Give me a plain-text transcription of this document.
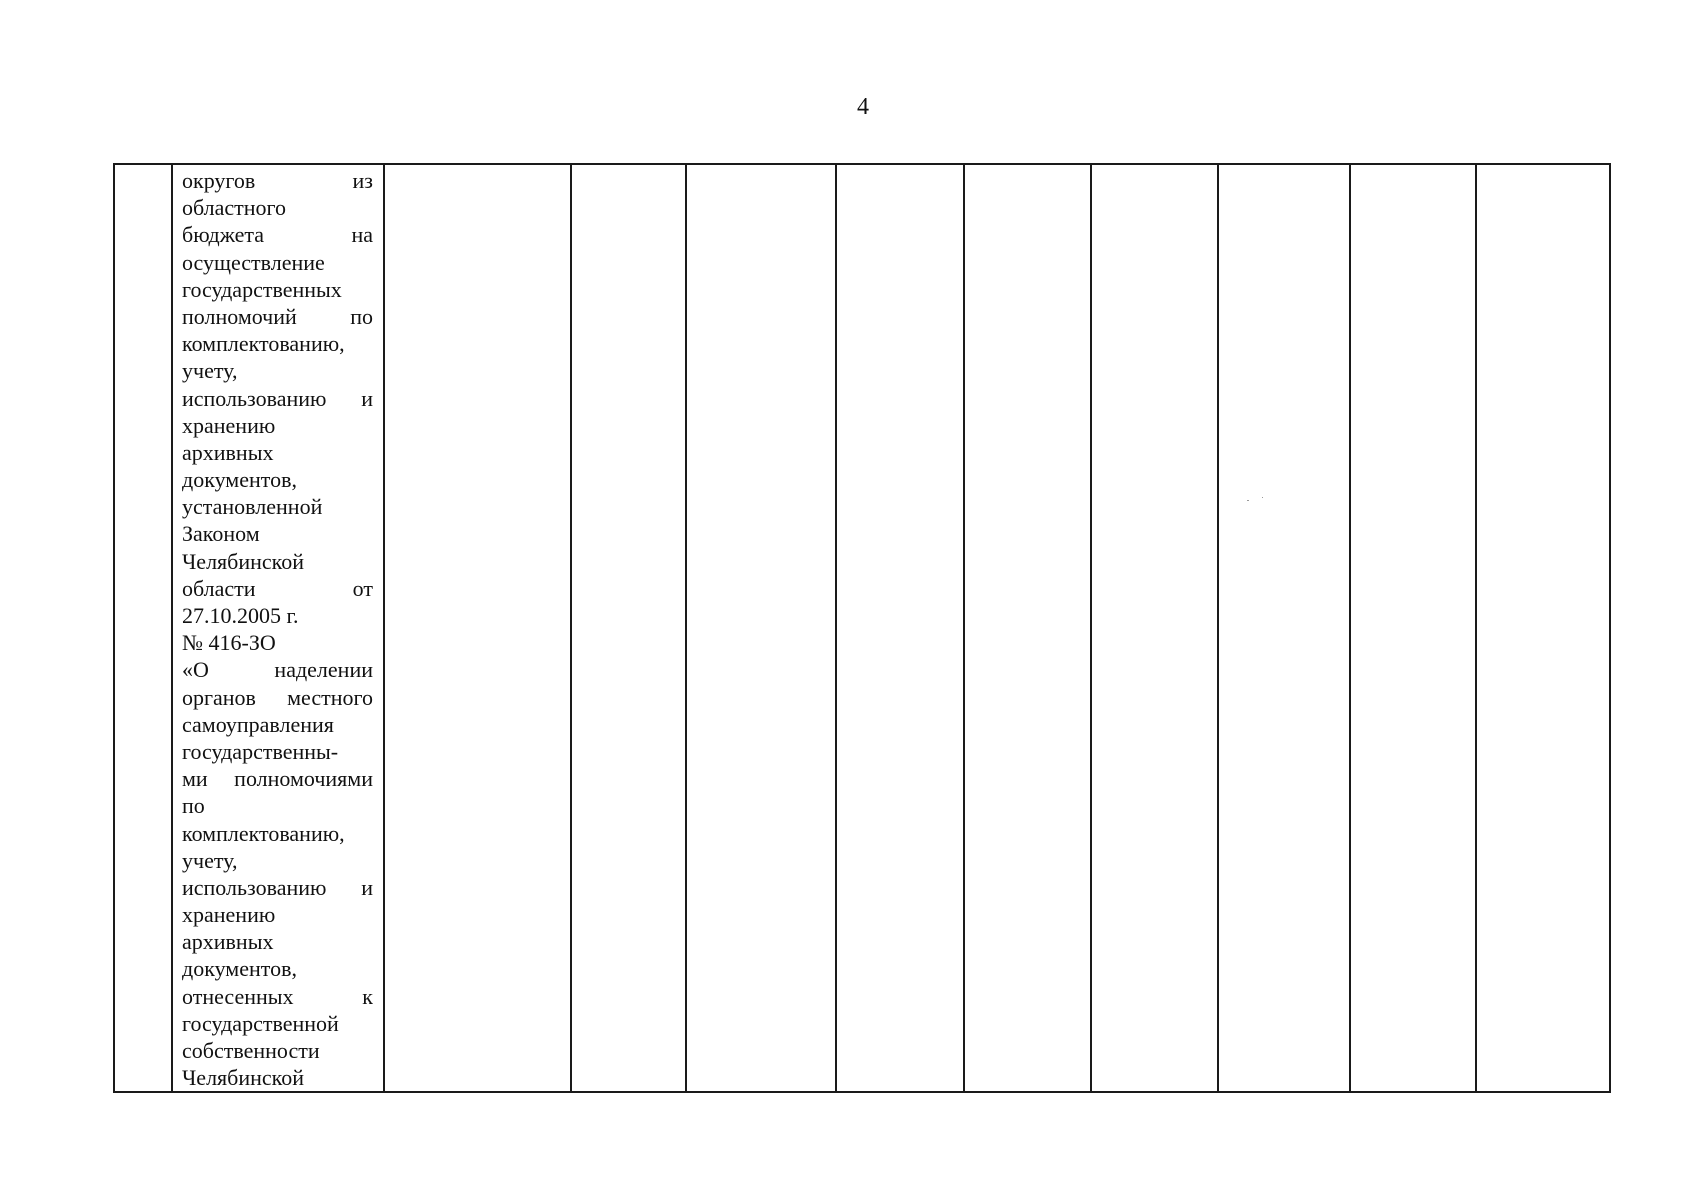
4

округов из
областного
бюджета на
осуществление
государственных
полномочий по
комплектованию,
учету,
использованию и
хранению
архивных
документов,
установленной
Законом
Челябинской
области от
27.10.2005 г.
№ 416-ЗО
«О наделении
органов местного
самоуправления
государственны-
ми полномочиями
по
комплектованию,
учету,
использованию и
хранению
архивных
документов,
отнесенных к
государственной
собственности
Челябинской
